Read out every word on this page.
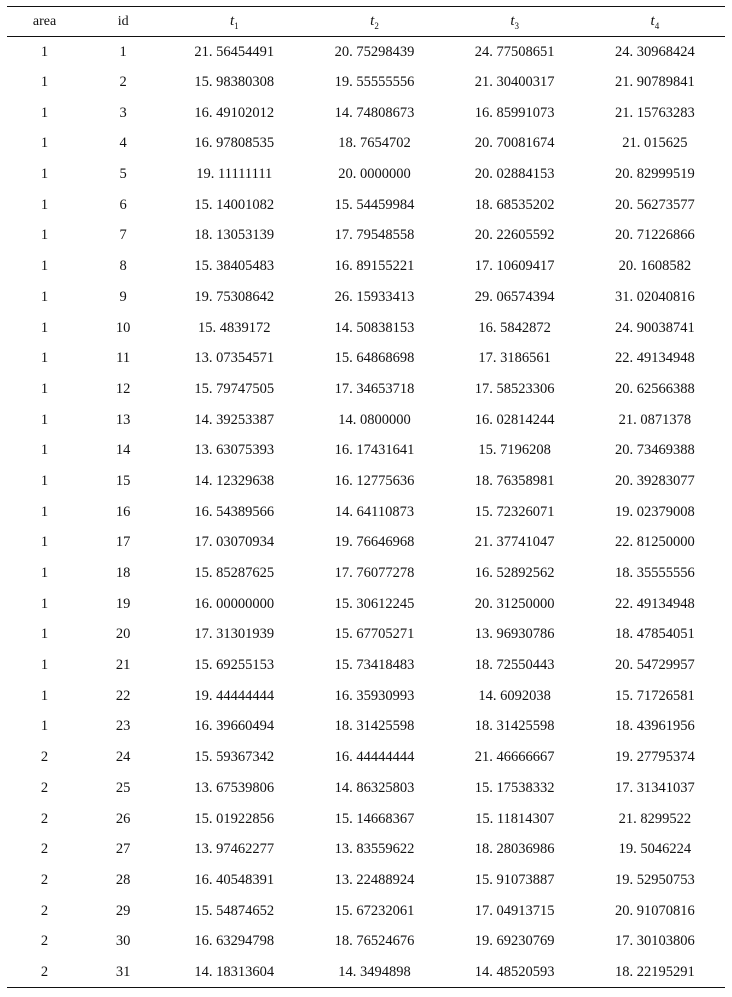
area	id	$t_1$	$t_2$	$t_3$	$t_4$
1	1	21. 56454491	20. 75298439	24. 77508651	24. 30968424
1	2	15. 98380308	19. 55555556	21. 30400317	21. 90789841
1	3	16. 49102012	14. 74808673	16. 85991073	21. 15763283
1	4	16. 97808535	18. 7654702	20. 70081674	21. 015625
1	5	19. 11111111	20. 0000000	20. 02884153	20. 82999519
1	6	15. 14001082	15. 54459984	18. 68535202	20. 56273577
1	7	18. 13053139	17. 79548558	20. 22605592	20. 71226866
1	8	15. 38405483	16. 89155221	17. 10609417	20. 1608582
1	9	19. 75308642	26. 15933413	29. 06574394	31. 02040816
1	10	15. 4839172	14. 50838153	16. 5842872	24. 90038741
1	11	13. 07354571	15. 64868698	17. 3186561	22. 49134948
1	12	15. 79747505	17. 34653718	17. 58523306	20. 62566388
1	13	14. 39253387	14. 0800000	16. 02814244	21. 0871378
1	14	13. 63075393	16. 17431641	15. 7196208	20. 73469388
1	15	14. 12329638	16. 12775636	18. 76358981	20. 39283077
1	16	16. 54389566	14. 64110873	15. 72326071	19. 02379008
1	17	17. 03070934	19. 76646968	21. 37741047	22. 81250000
1	18	15. 85287625	17. 76077278	16. 52892562	18. 35555556
1	19	16. 00000000	15. 30612245	20. 31250000	22. 49134948
1	20	17. 31301939	15. 67705271	13. 96930786	18. 47854051
1	21	15. 69255153	15. 73418483	18. 72550443	20. 54729957
1	22	19. 44444444	16. 35930993	14. 6092038	15. 71726581
1	23	16. 39660494	18. 31425598	18. 31425598	18. 43961956
2	24	15. 59367342	16. 44444444	21. 46666667	19. 27795374
2	25	13. 67539806	14. 86325803	15. 17538332	17. 31341037
2	26	15. 01922856	15. 14668367	15. 11814307	21. 8299522
2	27	13. 97462277	13. 83559622	18. 28036986	19. 5046224
2	28	16. 40548391	13. 22488924	15. 91073887	19. 52950753
2	29	15. 54874652	15. 67232061	17. 04913715	20. 91070816
2	30	16. 63294798	18. 76524676	19. 69230769	17. 30103806
2	31	14. 18313604	14. 3494898	14. 48520593	18. 22195291
